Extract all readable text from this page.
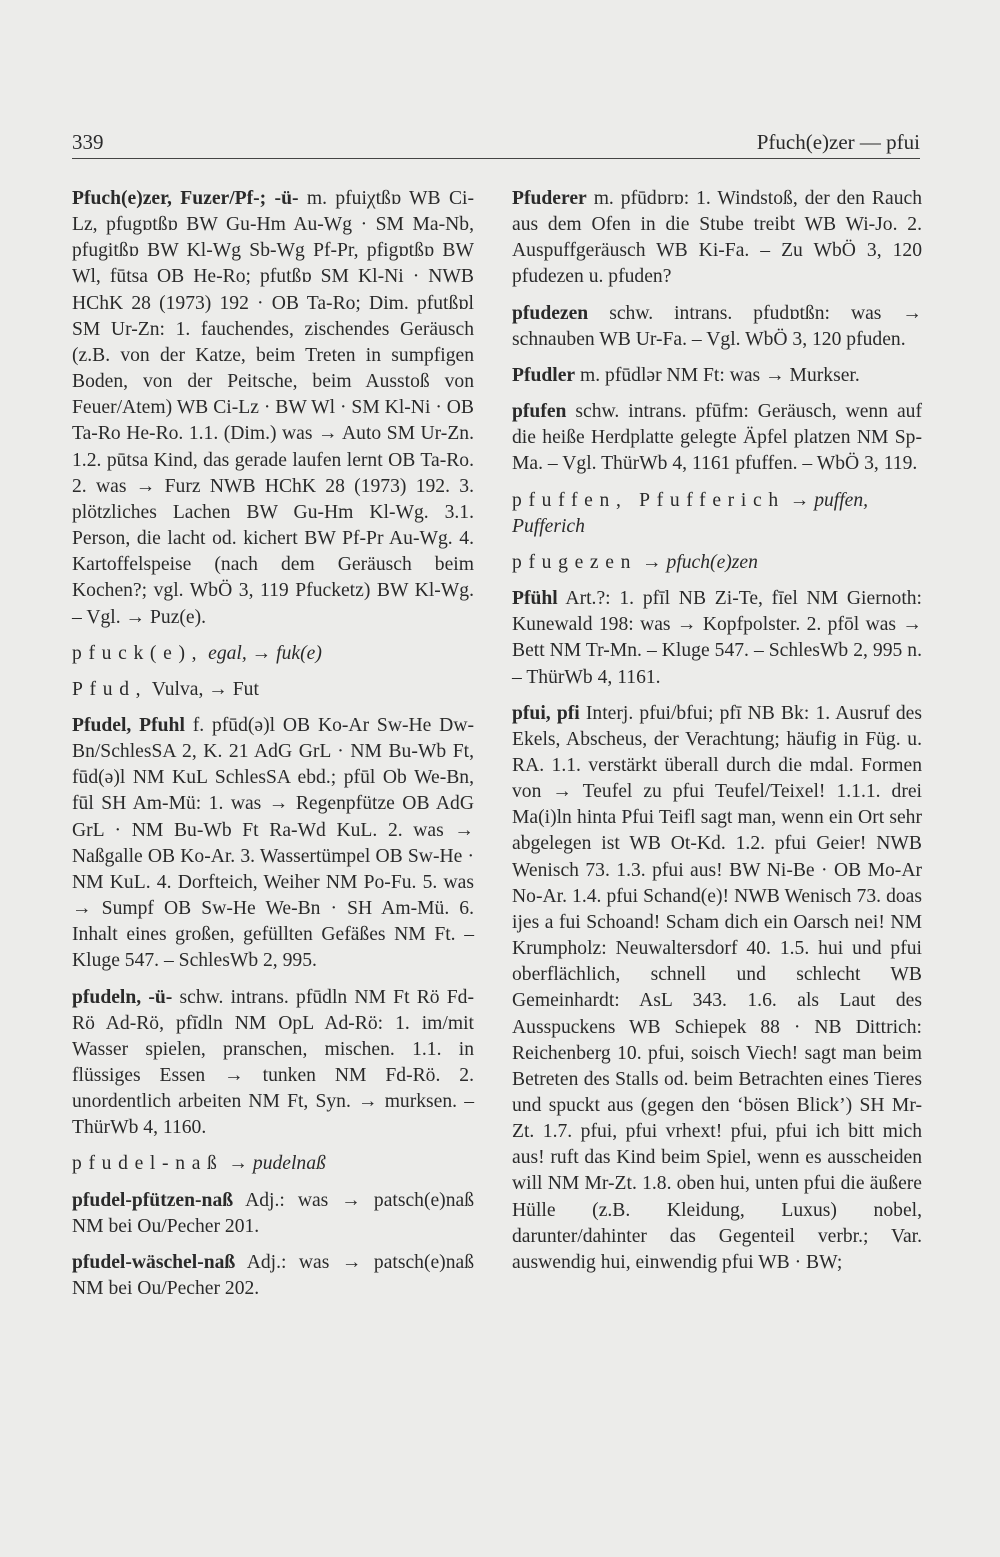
339	Pfuch(e)zer — pfui

Pfuch(e)zer, Fuzer/Pf-; -ü- m. pfuiχtßɒ WB Ci-Lz, pfugɒtßɒ BW Gu-Hm Au-Wg · SM Ma-Nb, pfugitßɒ BW Kl-Wg Sb-Wg Pf-Pr, pfigɒtßɒ BW Wl, fūtsa OB He-Ro; pfutßɒ SM Kl-Ni · NWB HChK 28 (1973) 192 · OB Ta-Ro; Dim. pfutßɒl SM Ur-Zn: 1. fauchendes, zischendes Geräusch (z.B. von der Katze, beim Treten in sumpfigen Boden, von der Peitsche, beim Ausstoß von Feuer/Atem) WB Ci-Lz · BW Wl · SM Kl-Ni · OB Ta-Ro He-Ro. 1.1. (Dim.) was → Auto SM Ur-Zn. 1.2. pūtsa Kind, das gerade laufen lernt OB Ta-Ro. 2. was → Furz NWB HChK 28 (1973) 192. 3. plötzliches Lachen BW Gu-Hm Kl-Wg. 3.1. Person, die lacht od. kichert BW Pf-Pr Au-Wg. 4. Kartoffelspeise (nach dem Geräusch beim Kochen?; vgl. WbÖ 3, 119 Pfucketz) BW Kl-Wg. – Vgl. → Puz(e).

pfuck(e), egal, → fuk(e)

Pfud, Vulva, → Fut

Pfudel, Pfuhl f. pfūd(ə)l OB Ko-Ar Sw-He Dw-Bn/SchlesSA 2, K. 21 AdG GrL · NM Bu-Wb Ft, fūd(ə)l NM KuL SchlesSA ebd.; pfūl Ob We-Bn, fūl SH Am-Mü: 1. was → Regenpfütze OB AdG GrL · NM Bu-Wb Ft Ra-Wd KuL. 2. was → Naßgalle OB Ko-Ar. 3. Wassertümpel OB Sw-He · NM KuL. 4. Dorfteich, Weiher NM Po-Fu. 5. was → Sumpf OB Sw-He We-Bn · SH Am-Mü. 6. Inhalt eines großen, gefüllten Gefäßes NM Ft. – Kluge 547. – SchlesWb 2, 995.

pfudeln, -ü- schw. intrans. pfūdln NM Ft Rö Fd-Rö Ad-Rö, pfīdln NM OpL Ad-Rö: 1. im/mit Wasser spielen, pranschen, mischen. 1.1. in flüssiges Essen → tunken NM Fd-Rö. 2. unordentlich arbeiten NM Ft, Syn. → murksen. – ThürWb 4, 1160.

pfudel-naß → pudelnaß

pfudel-pfützen-naß Adj.: was → patsch(e)naß NM bei Ou/Pecher 201.

pfudel-wäschel-naß Adj.: was → patsch(e)naß NM bei Ou/Pecher 202.

Pfuderer m. pfūdɒrɒ: 1. Windstoß, der den Rauch aus dem Ofen in die Stube treibt WB Wi-Jo. 2. Auspuffgeräusch WB Ki-Fa. – Zu WbÖ 3, 120 pfudezen u. pfuden?

pfudezen schw. intrans. pfudɒtßn: was → schnauben WB Ur-Fa. – Vgl. WbÖ 3, 120 pfuden.

Pfudler m. pfūdlər NM Ft: was → Murkser.

pfufen schw. intrans. pfūfm: Geräusch, wenn auf die heiße Herdplatte gelegte Äpfel platzen NM Sp-Ma. – Vgl. ThürWb 4, 1161 pfuffen. – WbÖ 3, 119.

pfuffen, Pfufferich → puffen, Pufferich

pfugezen → pfuch(e)zen

Pfühl Art.?: 1. pfīl NB Zi-Te, fīel NM Giernoth: Kunewald 198: was → Kopfpolster. 2. pfōl was → Bett NM Tr-Mn. – Kluge 547. – SchlesWb 2, 995 n. – ThürWb 4, 1161.

pfui, pfi Interj. pfui/bfui; pfī NB Bk: 1. Ausruf des Ekels, Abscheus, der Verachtung; häufig in Füg. u. RA. 1.1. verstärkt überall durch die mdal. Formen von → Teufel zu pfui Teufel/Teixel! 1.1.1. drei Ma(i)ln hinta Pfui Teifl sagt man, wenn ein Ort sehr abgelegen ist WB Ot-Kd. 1.2. pfui Geier! NWB Wenisch 73. 1.3. pfui aus! BW Ni-Be · OB Mo-Ar No-Ar. 1.4. pfui Schand(e)! NWB Wenisch 73. doas ijes a fui Schoand! Scham dich ein Oarsch nei! NM Krumpholz: Neuwaltersdorf 40. 1.5. hui und pfui oberflächlich, schnell und schlecht WB Gemeinhardt: AsL 343. 1.6. als Laut des Ausspuckens WB Schiepek 88 · NB Dittrich: Reichenberg 10. pfui, soisch Viech! sagt man beim Betreten des Stalls od. beim Betrachten eines Tieres und spuckt aus (gegen den ‘bösen Blick’) SH Mr-Zt. 1.7. pfui, pfui vrhext! pfui, pfui ich bitt mich aus! ruft das Kind beim Spiel, wenn es ausscheiden will NM Mr-Zt. 1.8. oben hui, unten pfui die äußere Hülle (z.B. Kleidung, Luxus) nobel, darunter/dahinter das Gegenteil verbr.; Var. auswendig hui, einwendig pfui WB · BW;
